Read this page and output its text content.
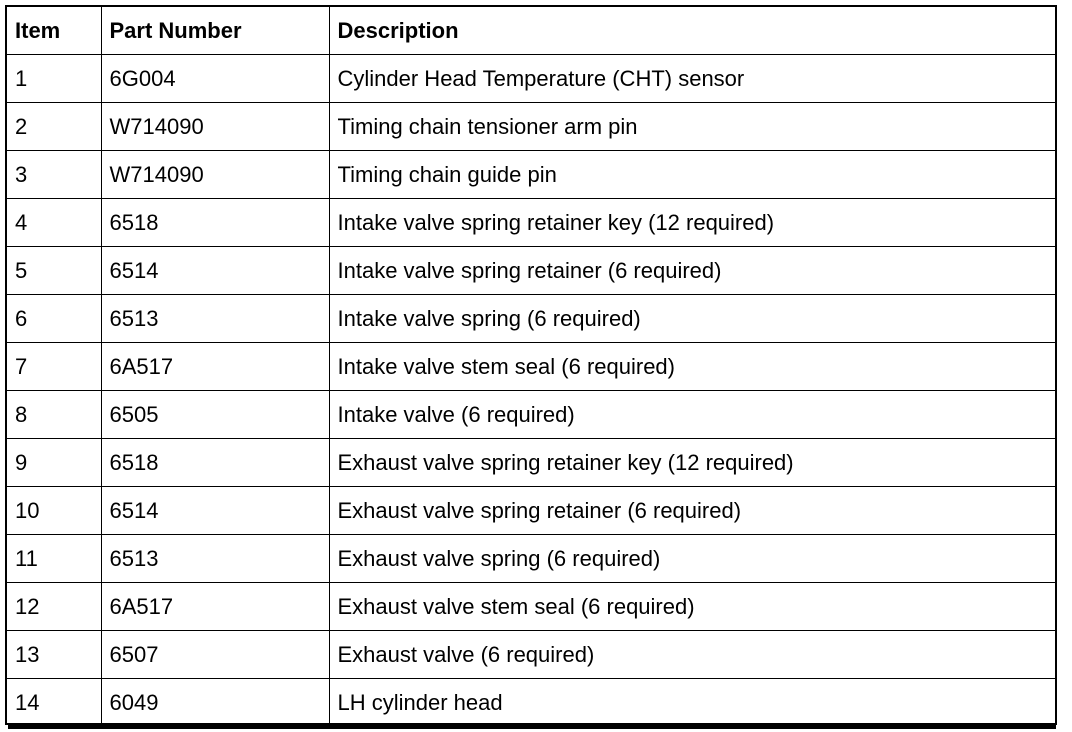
Item	Part Number	Description
1	6G004	Cylinder Head Temperature (CHT) sensor
2	W714090	Timing chain tensioner arm pin
3	W714090	Timing chain guide pin
4	6518	Intake valve spring retainer key (12 required)
5	6514	Intake valve spring retainer (6 required)
6	6513	Intake valve spring (6 required)
7	6A517	Intake valve stem seal (6 required)
8	6505	Intake valve (6 required)
9	6518	Exhaust valve spring retainer key (12 required)
10	6514	Exhaust valve spring retainer (6 required)
11	6513	Exhaust valve spring (6 required)
12	6A517	Exhaust valve stem seal (6 required)
13	6507	Exhaust valve (6 required)
14	6049	LH cylinder head
